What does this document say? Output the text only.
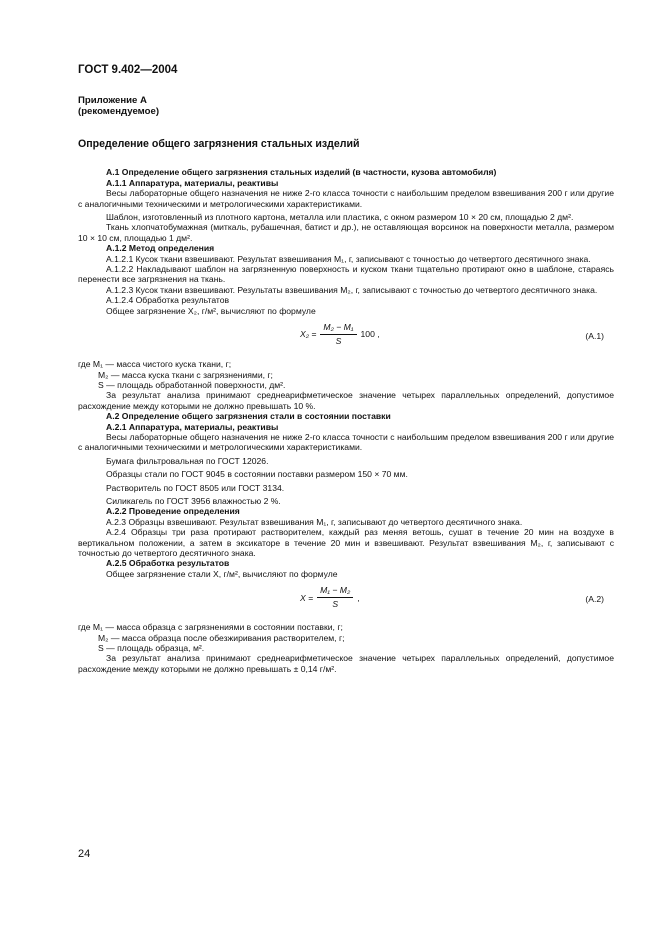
ГОСТ 9.402—2004

Приложение А

(рекомендуемое)

Определение общего загрязнения стальных изделий

А.1 Определение общего загрязнения стальных изделий (в частности, кузова автомобиля)

А.1.1 Аппаратура, материалы, реактивы

Весы лабораторные общего назначения не ниже 2-го класса точности с наибольшим пределом взвешивания 200 г или другие с аналогичными техническими и метрологическими характеристиками.

Шаблон, изготовленный из плотного картона, металла или пластика, с окном размером 10 × 20 см, площадью 2 дм².

Ткань хлопчатобумажная (миткаль, рубашечная, батист и др.), не оставляющая ворсинок на поверхности металла, размером 10 × 10 см, площадью 1 дм².

А.1.2 Метод определения

А.1.2.1 Кусок ткани взвешивают. Результат взвешивания M₁, г, записывают с точностью до четвертого десятичного знака.

А.1.2.2 Накладывают шаблон на загрязненную поверхность и куском ткани тщательно протирают окно в шаблоне, стараясь перенести все загрязнения на ткань.

А.1.2.3 Кусок ткани взвешивают. Результаты взвешивания M₂, г, записывают с точностью до четвертого десятичного знака.

А.1.2.4 Обработка результатов

Общее загрязнение X₂, г/м², вычисляют по формуле

$X_2 = \frac{\text{M₂ − M₁}}{S} 100$ ,	(А.1)

где M₁ — масса чистого куска ткани, г;

M₂ — масса куска ткани с загрязнениями, г;

S — площадь обработанной поверхности, дм².

За результат анализа принимают среднеарифметическое значение четырех параллельных определений, допустимое расхождение между которыми не должно превышать 10 %.

А.2 Определение общего загрязнения стали в состоянии поставки

А.2.1 Аппаратура, материалы, реактивы

Весы лабораторные общего назначения не ниже 2-го класса точности с наибольшим пределом взвешивания 200 г или другие с аналогичными техническими и метрологическими характеристиками.

Бумага фильтровальная по ГОСТ 12026.

Образцы стали по ГОСТ 9045 в состоянии поставки размером 150 × 70 мм.

Растворитель по ГОСТ 8505 или ГОСТ 3134.

Силикагель по ГОСТ 3956 влажностью 2 %.

А.2.2 Проведение определения

А.2.3 Образцы взвешивают. Результат взвешивания M₁, г, записывают до четвертого десятичного знака.

А.2.4 Образцы три раза протирают растворителем, каждый раз меняя ветошь, сушат в течение 20 мин на воздухе в вертикальном положении, а затем в эксикаторе в течение 20 мин и взвешивают. Результат взвешивания M₂, г, записывают с точностью до четвертого десятичного знака.

А.2.5 Обработка результатов

Общее загрязнение стали X, г/м², вычисляют по формуле

$X = \frac{\text{M₁ − M₂}}{S}$ ,	(А.2)

где M₁ — масса образца с загрязнениями в состоянии поставки, г;

M₂ — масса образца после обезжиривания растворителем, г;

S — площадь образца, м².

За результат анализа принимают среднеарифметическое значение четырех параллельных определений, допустимое расхождение между которыми не должно превышать ± 0,14 г/м².

24
